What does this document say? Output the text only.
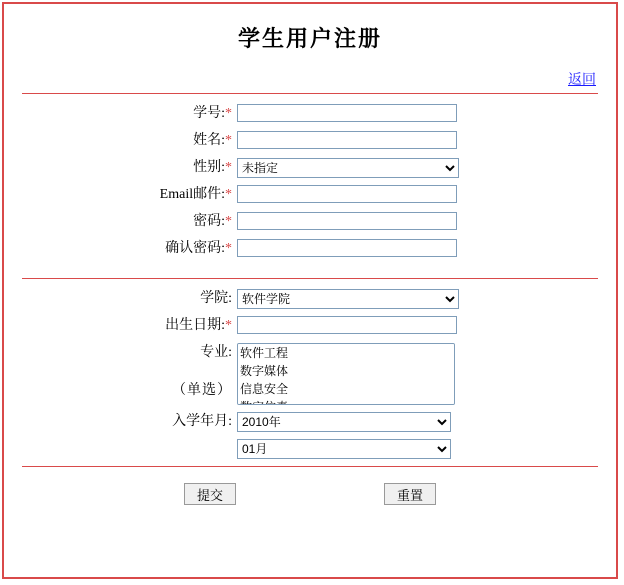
学生用户注册
返回
学号:*
姓名:*
性别:*
未指定
Email邮件:*
密码:*
确认密码:*
学院:
软件学院
出生日期:*
专业:
（单选）
入学年月:
2010年
01月
提交	重置
